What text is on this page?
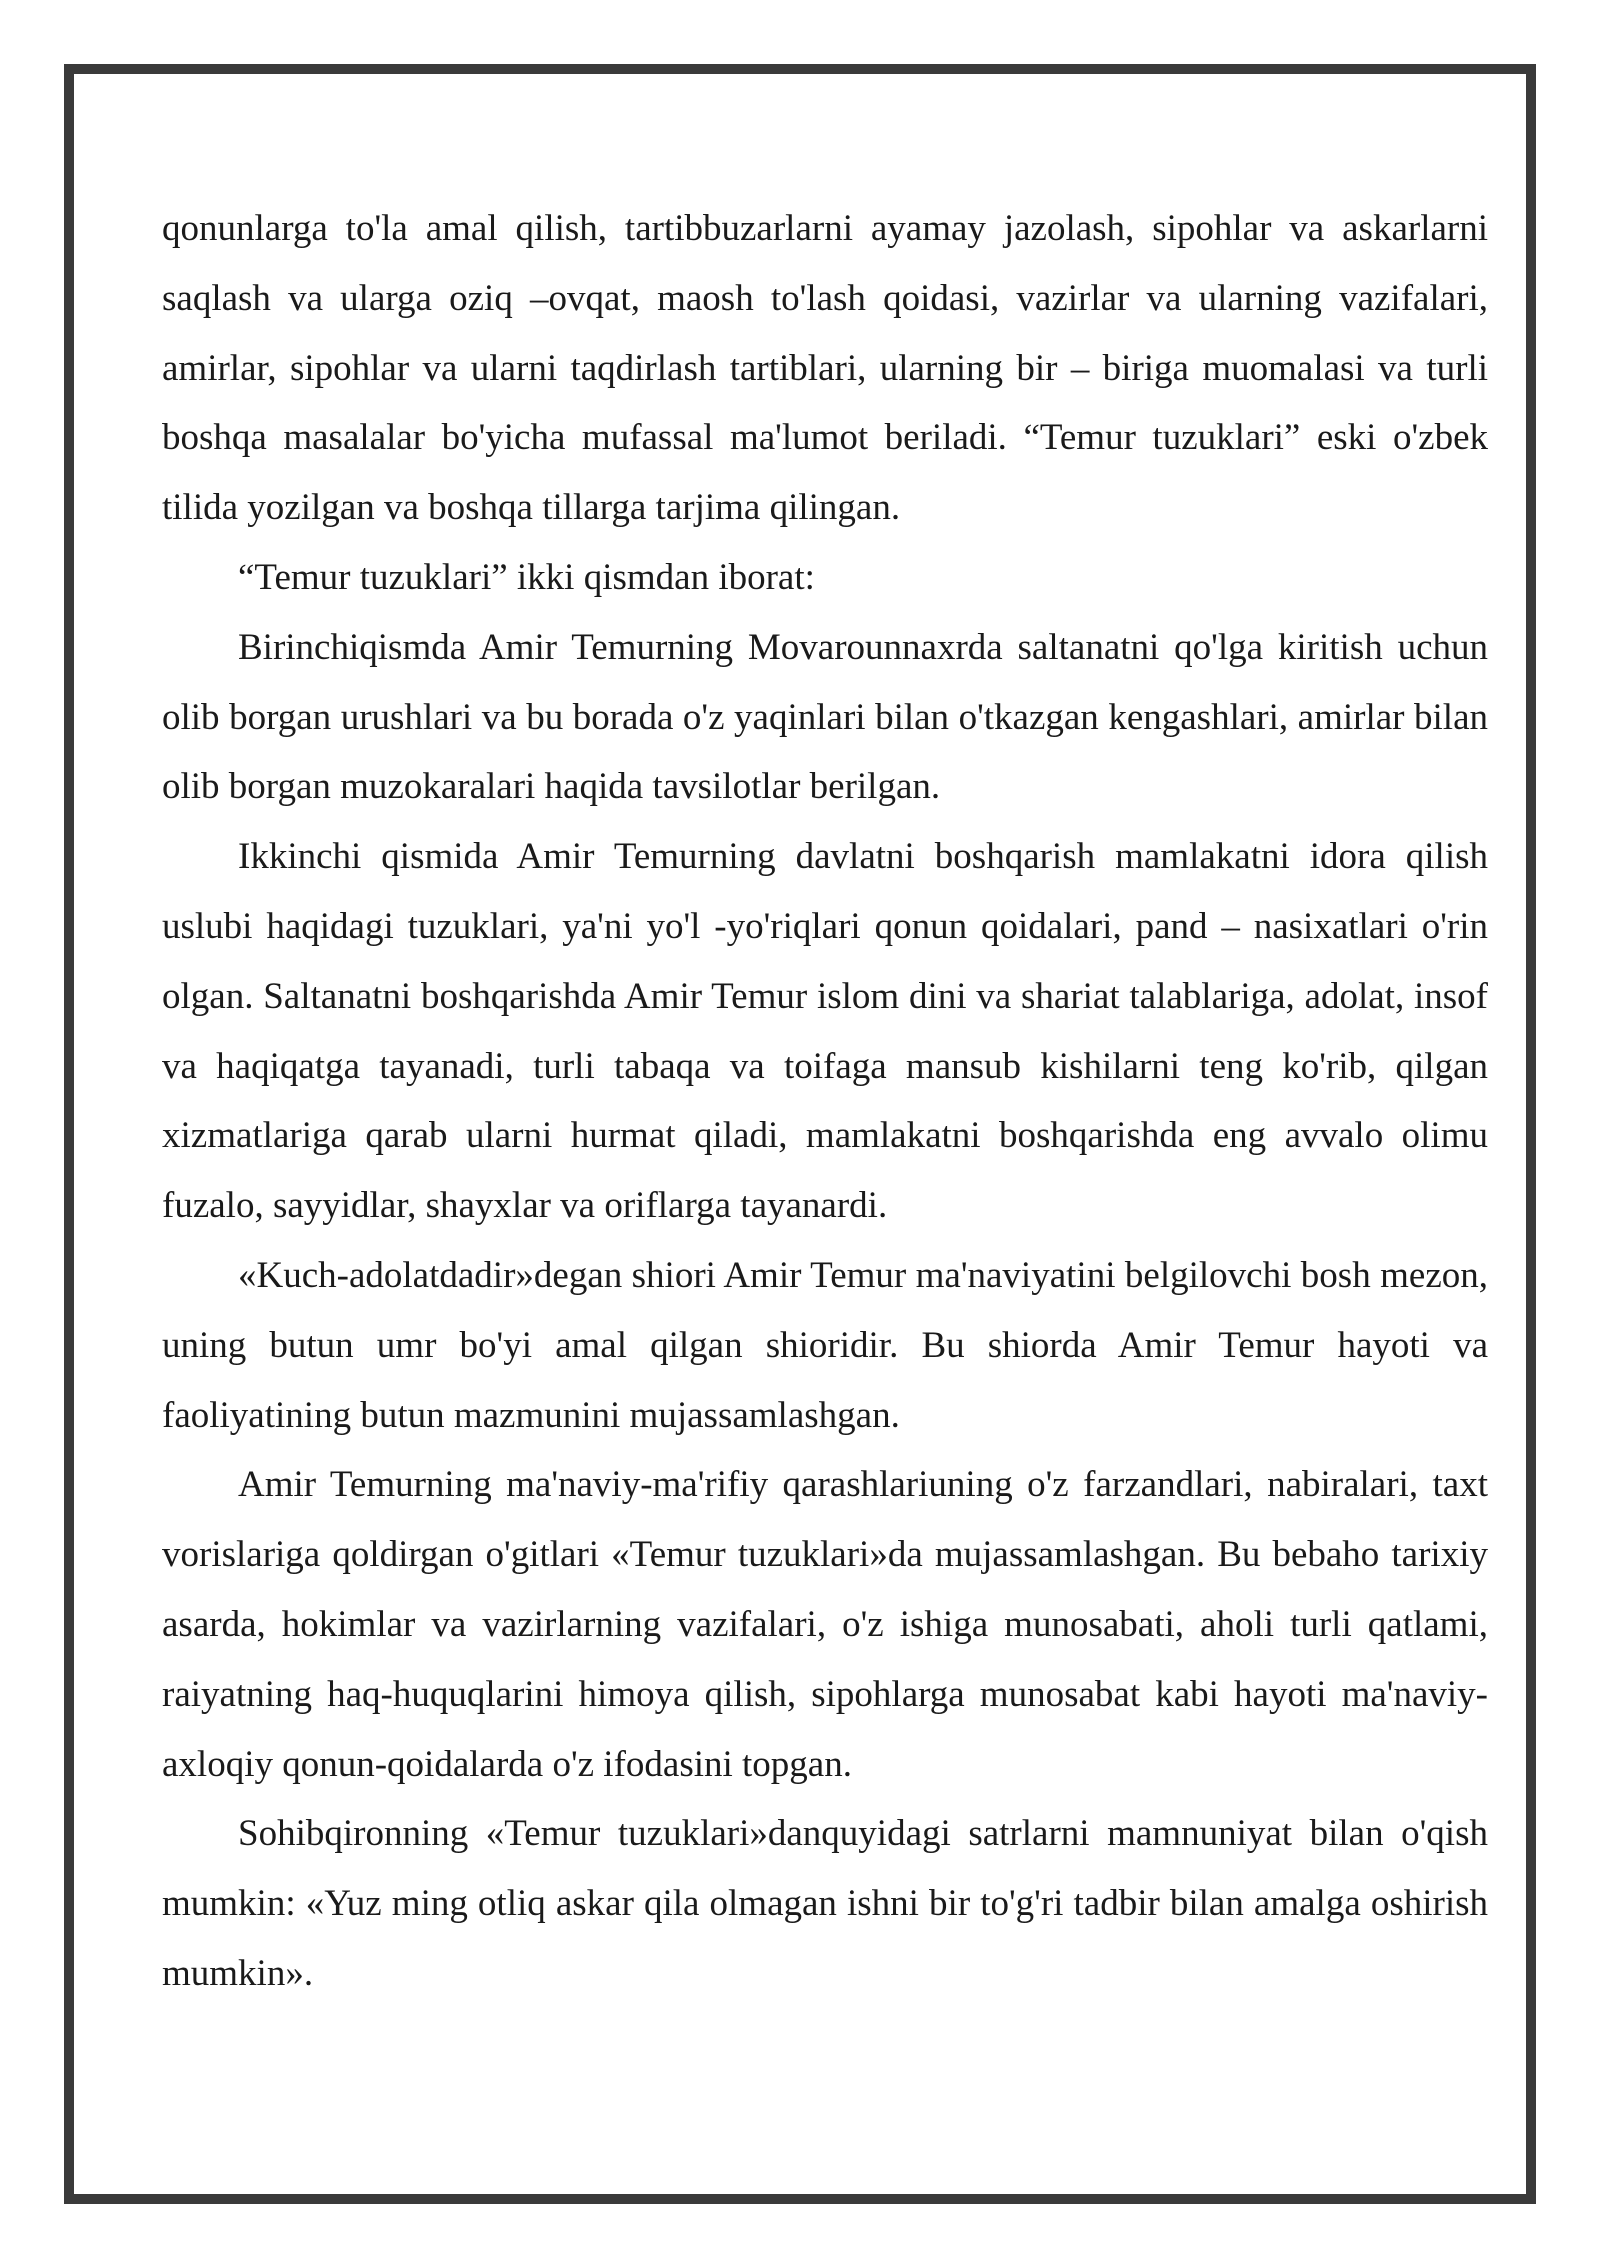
qonunlarga to'la amal qilish, tartibbuzarlarni ayamay jazolash, sipohlar va askarlarni saqlash va ularga oziq –ovqat, maosh to'lash qoidasi, vazirlar va ularning vazifalari, amirlar, sipohlar va ularni taqdirlash tartiblari, ularning bir – biriga muomalasi va turli boshqa masalalar bo'yicha mufassal ma'lumot beriladi. “Temur tuzuklari” eski o'zbek tilida yozilgan va boshqa tillarga tarjima qilingan.

“Temur tuzuklari” ikki qismdan iborat:

Birinchiqismda Amir Temurning Movarounnaxrda saltanatni qo'lga kiritish uchun olib borgan urushlari va bu borada o'z yaqinlari bilan o'tkazgan kengashlari, amirlar bilan olib borgan muzokaralari haqida tavsilotlar berilgan.

Ikkinchi qismida Amir Temurning davlatni boshqarish mamlakatni idora qilish uslubi haqidagi tuzuklari, ya'ni yo'l -yo'riqlari qonun qoidalari, pand – nasixatlari o'rin olgan. Saltanatni boshqarishda Amir Temur islom dini va shariat talablariga, adolat, insof va haqiqatga tayanadi, turli tabaqa va toifaga mansub kishilarni teng ko'rib, qilgan xizmatlariga qarab ularni hurmat qiladi, mamlakatni boshqarishda eng avvalo olimu fuzalo, sayyidlar, shayxlar va oriflarga tayanardi.

«Kuch-adolatdadir»degan shiori Amir Temur ma'naviyatini belgilovchi bosh mezon, uning butun umr bo'yi amal qilgan shioridir. Bu shiorda Amir Temur hayoti va faoliyatining butun mazmunini mujassamlashgan.

Amir Temurning ma'naviy-ma'rifiy qarashlariuning o'z farzandlari, nabiralari, taxt vorislariga qoldirgan o'gitlari «Temur tuzuklari»da mujassamlashgan. Bu bebaho tarixiy asarda, hokimlar va vazirlarning vazifalari, o'z ishiga munosabati, aholi turli qatlami, raiyatning haq-huquqlarini himoya qilish, sipohlarga munosabat kabi hayoti ma'naviy-axloqiy qonun-qoidalarda o'z ifodasini topgan.

Sohibqironning «Temur tuzuklari»danquyidagi satrlarni mamnuniyat bilan o'qish mumkin: «Yuz ming otliq askar qila olmagan ishni bir to'g'ri tadbir bilan amalga oshirish mumkin».
